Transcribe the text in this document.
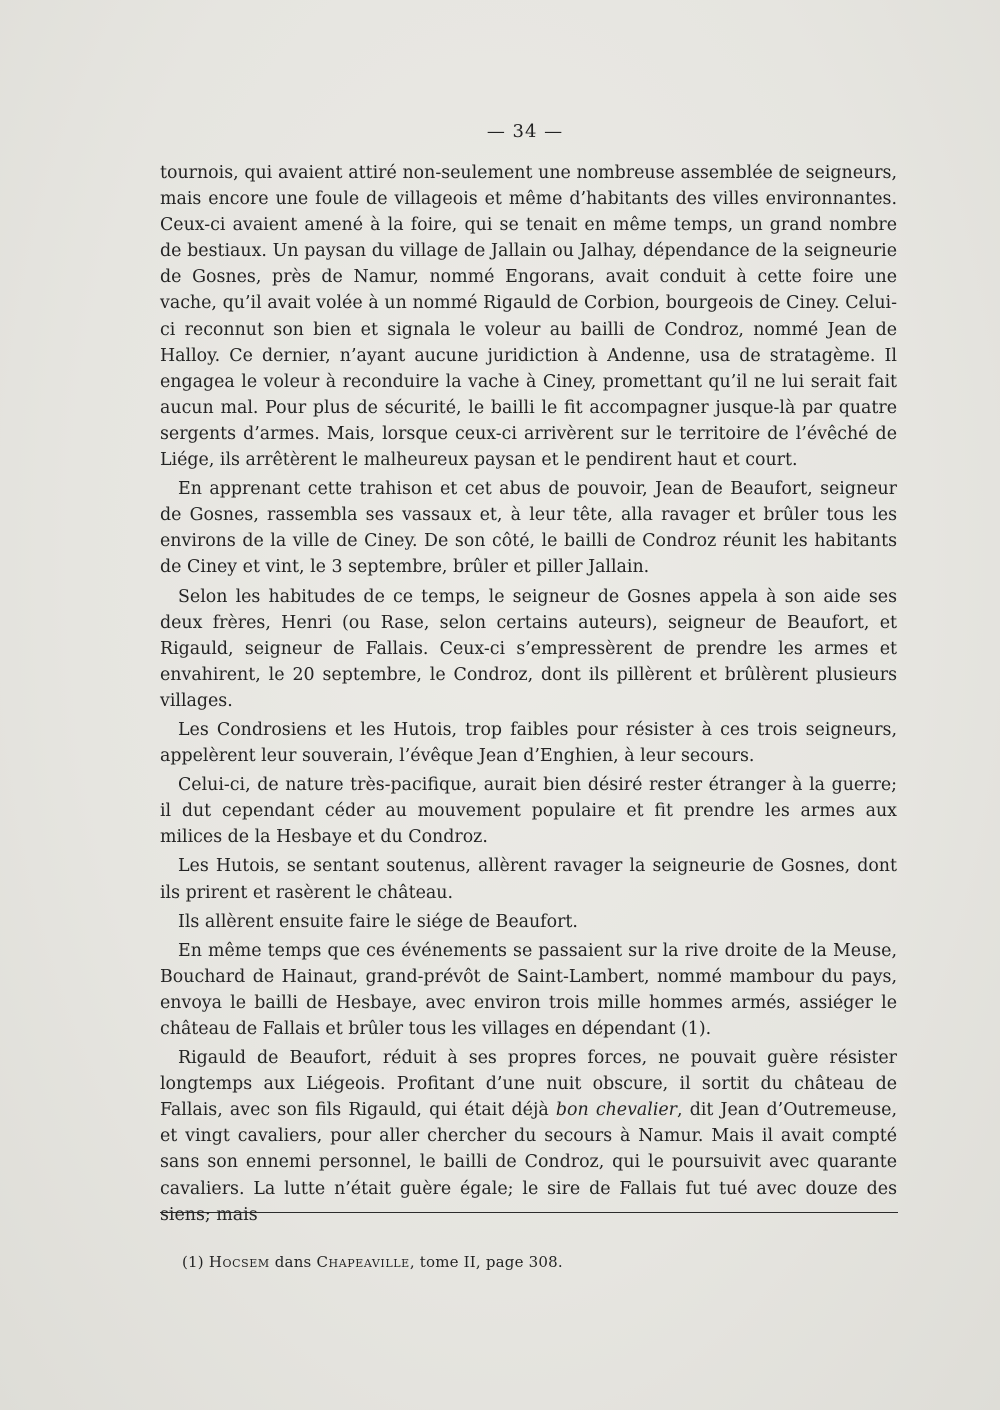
— 34 —

tournois, qui avaient attiré non-seulement une nombreuse assemblée de seigneurs, mais encore une foule de villageois et même d’habitants des villes environnantes. Ceux-ci avaient amené à la foire, qui se tenait en même temps, un grand nombre de bestiaux. Un paysan du village de Jallain ou Jalhay, dépendance de la seigneurie de Gosnes, près de Namur, nommé Engorans, avait conduit à cette foire une vache, qu’il avait volée à un nommé Rigauld de Corbion, bourgeois de Ciney. Celui-ci reconnut son bien et signala le voleur au bailli de Condroz, nommé Jean de Halloy. Ce dernier, n’ayant aucune juridiction à Andenne, usa de stratagème. Il engagea le voleur à reconduire la vache à Ciney, promettant qu’il ne lui serait fait aucun mal. Pour plus de sécurité, le bailli le fit accompagner jusque-là par quatre sergents d’armes. Mais, lorsque ceux-ci arrivèrent sur le territoire de l’évêché de Liége, ils arrêtèrent le malheureux paysan et le pendirent haut et court.

En apprenant cette trahison et cet abus de pouvoir, Jean de Beaufort, seigneur de Gosnes, rassembla ses vassaux et, à leur tête, alla ravager et brûler tous les environs de la ville de Ciney. De son côté, le bailli de Condroz réunit les habitants de Ciney et vint, le 3 septembre, brûler et piller Jallain.

Selon les habitudes de ce temps, le seigneur de Gosnes appela à son aide ses deux frères, Henri (ou Rase, selon certains auteurs), seigneur de Beaufort, et Rigauld, seigneur de Fallais. Ceux-ci s’empressèrent de prendre les armes et envahirent, le 20 septembre, le Condroz, dont ils pillèrent et brûlèrent plusieurs villages.

Les Condrosiens et les Hutois, trop faibles pour résister à ces trois seigneurs, appelèrent leur souverain, l’évêque Jean d’Enghien, à leur secours.

Celui-ci, de nature très-pacifique, aurait bien désiré rester étranger à la guerre; il dut cependant céder au mouvement populaire et fit prendre les armes aux milices de la Hesbaye et du Condroz.

Les Hutois, se sentant soutenus, allèrent ravager la seigneurie de Gosnes, dont ils prirent et rasèrent le château.

Ils allèrent ensuite faire le siége de Beaufort.

En même temps que ces événements se passaient sur la rive droite de la Meuse, Bouchard de Hainaut, grand-prévôt de Saint-Lambert, nommé mambour du pays, envoya le bailli de Hesbaye, avec environ trois mille hommes armés, assiéger le château de Fallais et brûler tous les villages en dépendant (1).

Rigauld de Beaufort, réduit à ses propres forces, ne pouvait guère résister longtemps aux Liégeois. Profitant d’une nuit obscure, il sortit du château de Fallais, avec son fils Rigauld, qui était déjà bon chevalier, dit Jean d’Outremeuse, et vingt cavaliers, pour aller chercher du secours à Namur. Mais il avait compté sans son ennemi personnel, le bailli de Condroz, qui le poursuivit avec quarante cavaliers. La lutte n’était guère égale; le sire de Fallais fut tué avec douze des siens; mais

(1) Hocsem dans Chapeaville, tome II, page 308.
